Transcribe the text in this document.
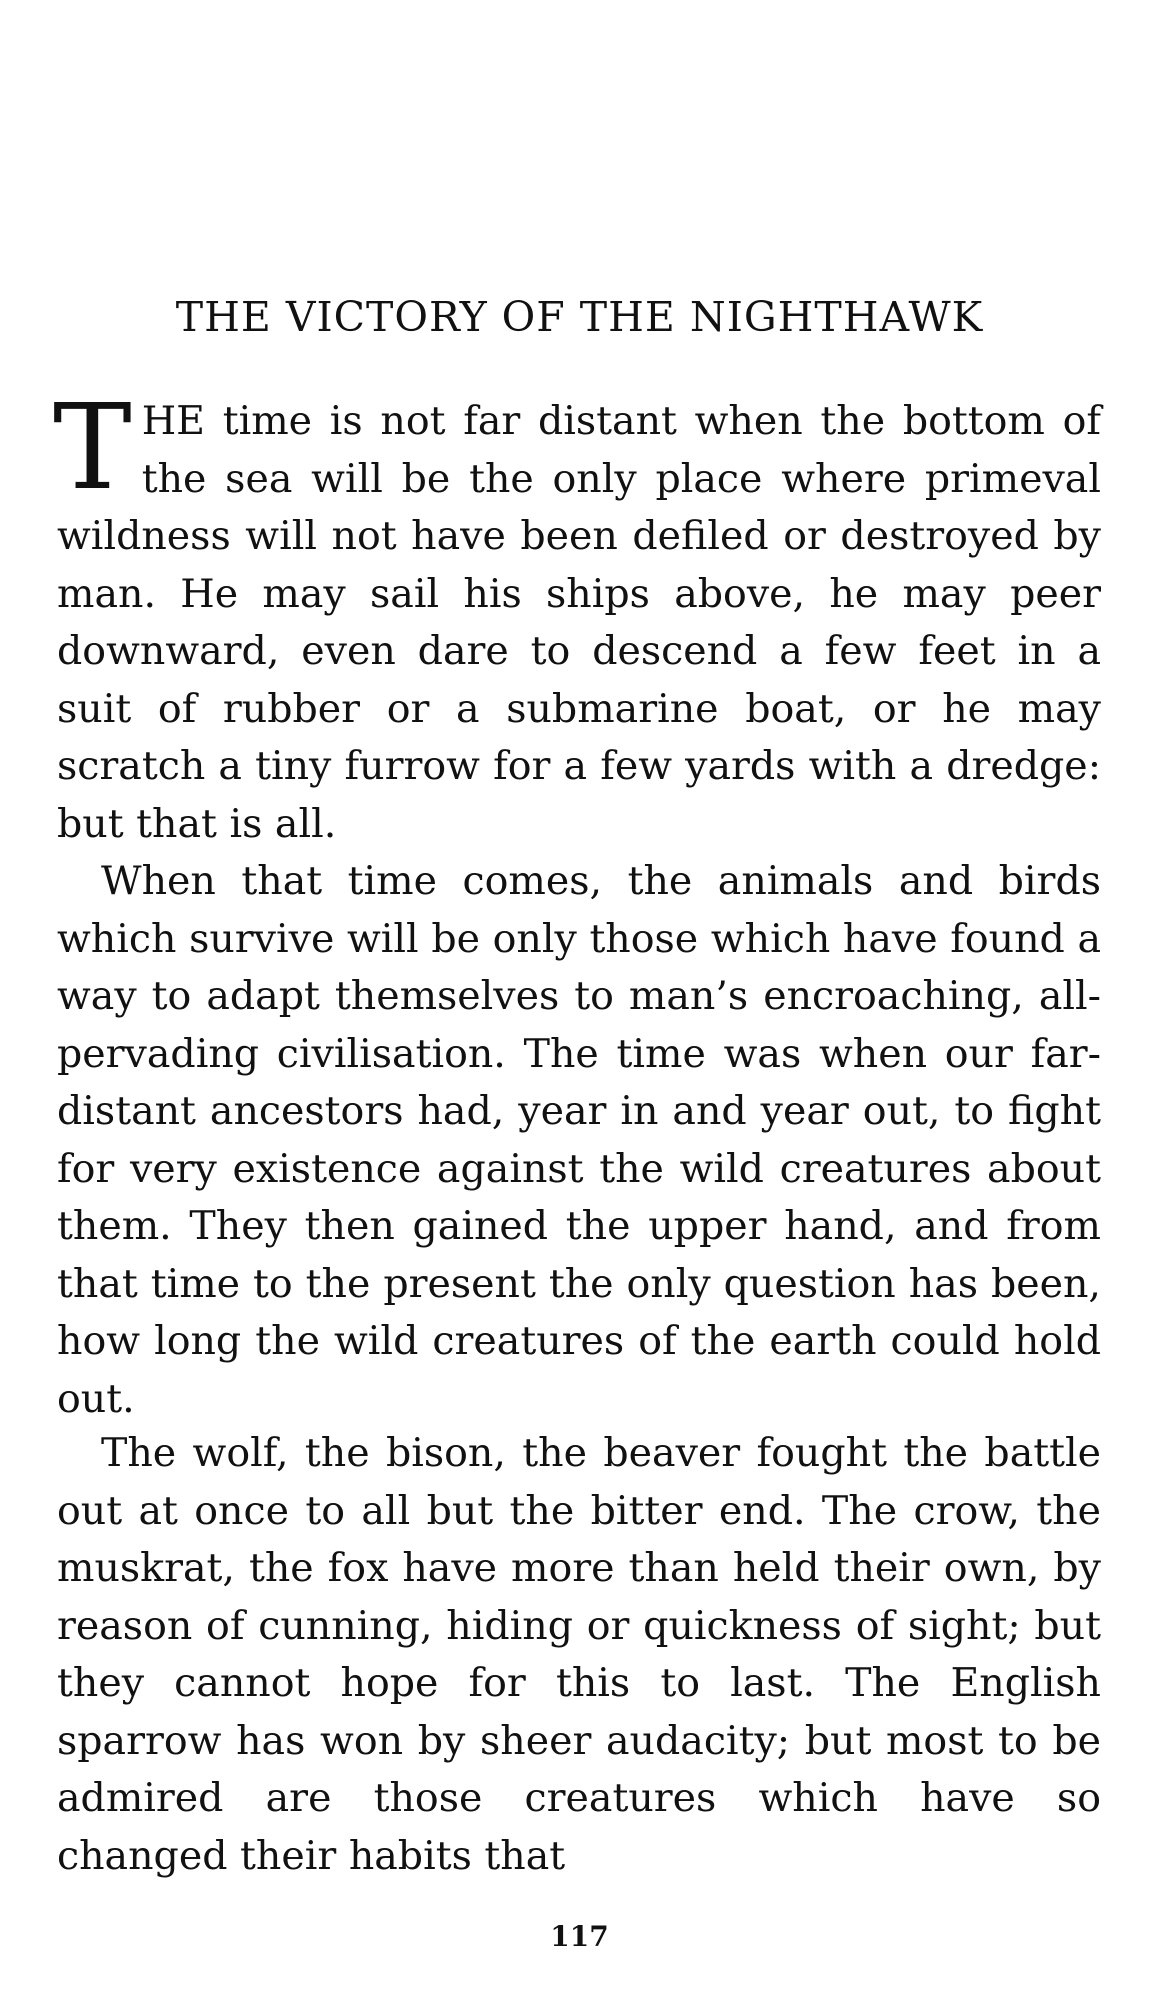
THE VICTORY OF THE NIGHTHAWK

T HE time is not far distant when the bottom of the sea will be the only place where primeval wildness will not have been defiled or destroyed by man. He may sail his ships above, he may peer downward, even dare to descend a few feet in a suit of rubber or a submarine boat, or he may scratch a tiny furrow for a few yards with a dredge: but that is all.

When that time comes, the animals and birds which survive will be only those which have found a way to adapt themselves to man’s encroaching, all-pervading civilisation. The time was when our far-distant ancestors had, year in and year out, to fight for very existence against the wild creatures about them. They then gained the upper hand, and from that time to the present the only question has been, how long the wild creatures of the earth could hold out.

The wolf, the bison, the beaver fought the battle out at once to all but the bitter end. The crow, the muskrat, the fox have more than held their own, by reason of cunning, hiding or quickness of sight; but they cannot hope for this to last. The English sparrow has won by sheer audacity; but most to be admired are those creatures which have so changed their habits that

117
